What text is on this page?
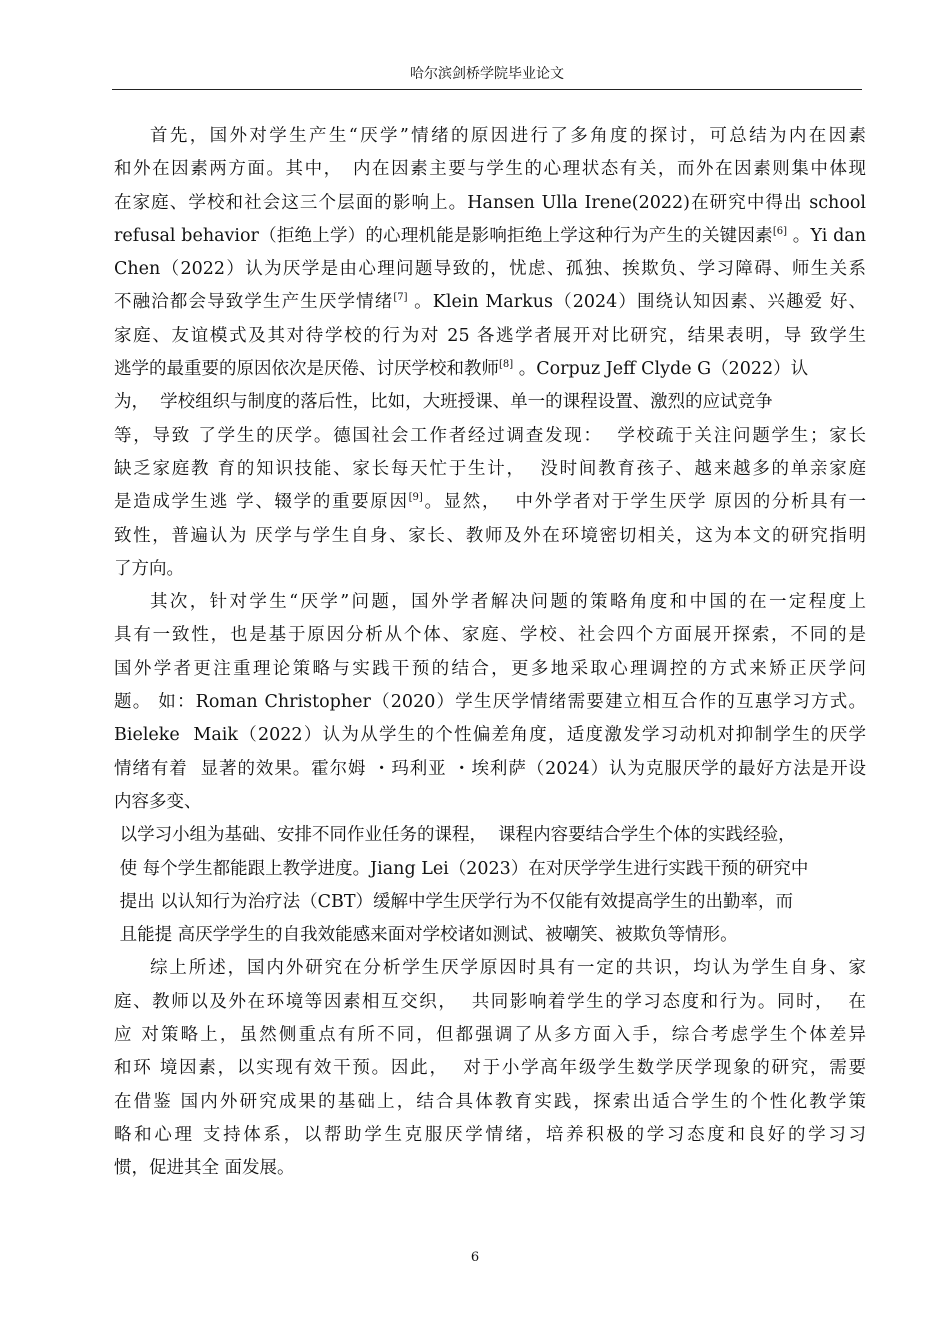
哈尔滨剑桥学院毕业论文
首先，国外对学生产生“厌学”情绪的原因进行了多角度的探讨，可总结为内在因素
和外在因素两方面。其中，　内在因素主要与学生的心理状态有关，而外在因素则集中体现
在家庭、学校和社会这三个层面的影响上。Hansen Ulla Irene(2022)在研究中得出 school
refusal behavior（拒绝上学）的心理机能是影响拒绝上学这种行为产生的关键因素[6] 。Yi dan
Chen（2022）认为厌学是由心理问题导致的，忧虑、孤独、挨欺负、学习障碍、师生关系
不融洽都会导致学生产生厌学情绪[7] 。Klein Markus（2024）围绕认知因素、兴趣爱 好、
家庭、友谊模式及其对待学校的行为对 25 各逃学者展开对比研究，结果表明，导 致学生
逃学的最重要的原因依次是厌倦、讨厌学校和教师[8] 。Corpuz Jeff Clyde G（2022）认
为，  学校组织与制度的落后性，比如，大班授课、单一的课程设置、激烈的应试竞争
等，导致 了学生的厌学。德国社会工作者经过调查发现：  学校疏于关注问题学生；家长
缺乏家庭教 育的知识技能、家长每天忙于生计，  没时间教育孩子、越来越多的单亲家庭
是造成学生逃 学、辍学的重要原因[9]。显然，  中外学者对于学生厌学 原因的分析具有一
致性，普遍认为 厌学与学生自身、家长、教师及外在环境密切相关，这为本文的研究指明
了方向。
其次，针对学生“厌学”问题，国外学者解决问题的策略角度和中国的在一定程度上
具有一致性，也是基于原因分析从个体、家庭、学校、社会四个方面展开探索，不同的是
国外学者更注重理论策略与实践干预的结合，更多地采取心理调控的方式来矫正厌学问
题。 如：Roman Christopher（2020）学生厌学情绪需要建立相互合作的互惠学习方式。
Bieleke  Maik（2022）认为从学生的个性偏差角度，适度激发学习动机对抑制学生的厌学
情绪有着  显著的效果。霍尔姆 ・玛利亚 ・埃利萨（2024）认为克服厌学的最好方法是开设
内容多变、
以学习小组为基础、安排不同作业任务的课程，  课程内容要结合学生个体的实践经验，
使 每个学生都能跟上教学进度。Jiang Lei（2023）在对厌学学生进行实践干预的研究中
提出 以认知行为治疗法（CBT）缓解中学生厌学行为不仅能有效提高学生的出勤率，而
且能提 高厌学学生的自我效能感来面对学校诸如测试、被嘲笑、被欺负等情形。
综上所述，国内外研究在分析学生厌学原因时具有一定的共识，均认为学生自身、家
庭、教师以及外在环境等因素相互交织，  共同影响着学生的学习态度和行为。同时，  在
应 对策略上，虽然侧重点有所不同，但都强调了从多方面入手，综合考虑学生个体差异
和环 境因素，以实现有效干预。因此，  对于小学高年级学生数学厌学现象的研究，需要
在借鉴 国内外研究成果的基础上，结合具体教育实践，探索出适合学生的个性化教学策
略和心理 支持体系，以帮助学生克服厌学情绪，培养积极的学习态度和良好的学习习
惯，促进其全 面发展。
6
